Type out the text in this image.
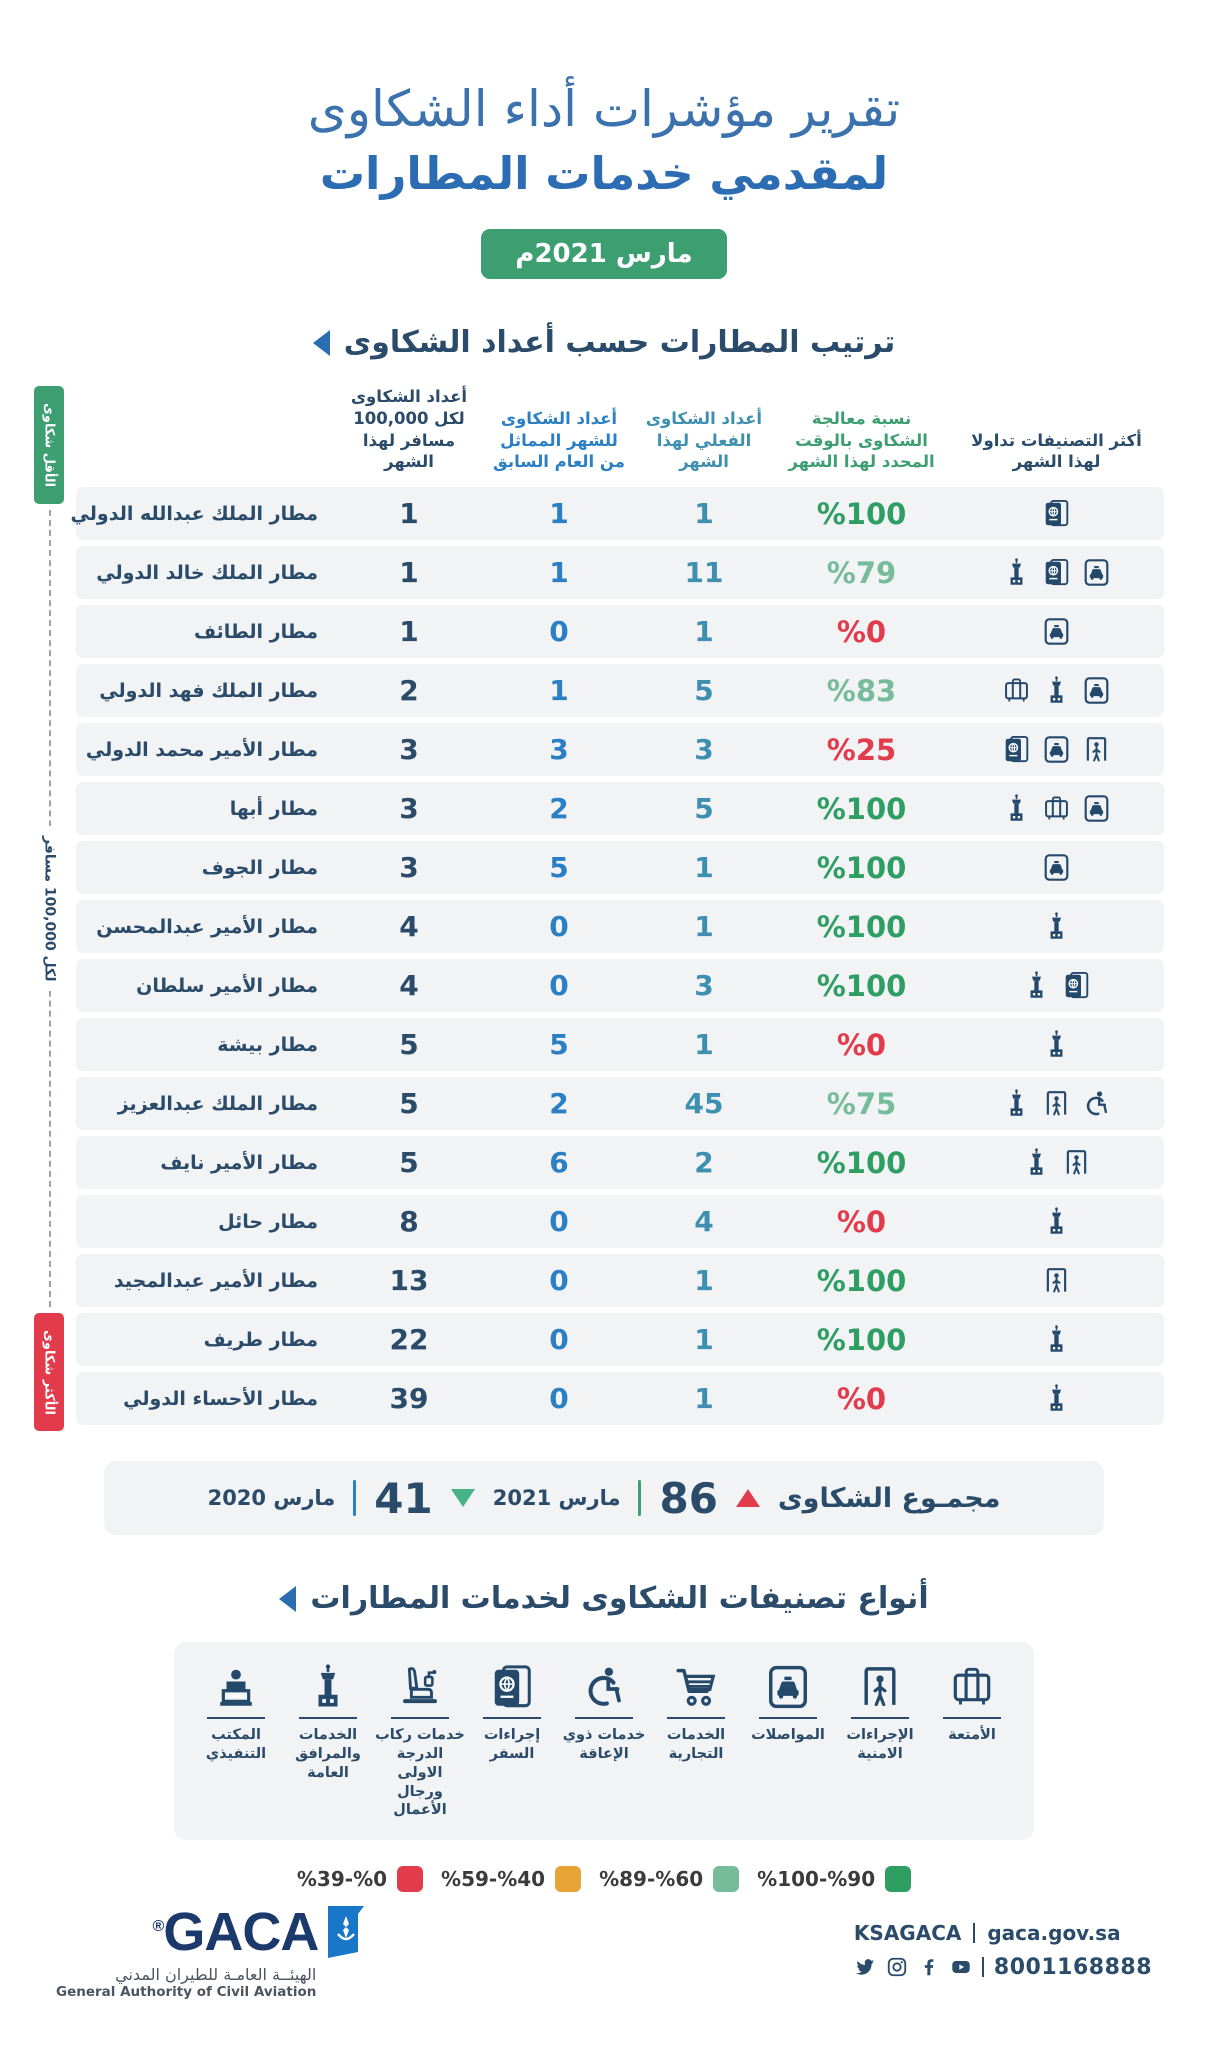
تقرير مؤشرات أداء الشكاوى
لمقدمي خدمات المطارات
مارس 2021م
ترتيب المطارات حسب أعداد الشكاوى
أعداد الشكاوى لكل 100,000 مسافر لهذا الشهر
أعداد الشكاوى للشهر المماثل من العام السابق
أعداد الشكاوى الفعلي لهذا الشهر
نسبة معالجة الشكاوى بالوقت المحدد لهذا الشهر
أكثر التصنيفات تداولا لهذا الشهر
مطار الملك عبدالله الدولي	1	1	1	%100
مطار الملك خالد الدولي	1	1	11	%79
مطار الطائف	1	0	1	%0
مطار الملك فهد الدولي	2	1	5	%83
مطار الأمير محمد الدولي	3	3	3	%25
مطار أبها	3	2	5	%100
مطار الجوف	3	5	1	%100
مطار الأمير عبدالمحسن	4	0	1	%100
مطار الأمير سلطان	4	0	3	%100
مطار بيشة	5	5	1	%0
مطار الملك عبدالعزيز	5	2	45	%75
مطار الأمير نايف	5	6	2	%100
مطار حائل	8	0	4	%0
مطار الأمير عبدالمجيد	13	0	1	%100
مطار طريف	22	0	1	%100
مطار الأحساء الدولي	39	0	1	%0
الأقل شكاوى
لكل 100,000 مسافر
الأكثر شكاوى
مجمـوع الشكاوى
86
مارس 2021
41
مارس 2020
أنواع تصنيفات الشكاوى لخدمات المطارات
المكتب التنفيذي
الخدمات والمرافق العامة
خدمات ركاب الدرجة الاولى ورجال الأعمال
إجراءات السفر
خدمات ذوي الإعاقة
الخدمات التجارية
المواصلات	الإجراءات الامنية
الأمتعة
%0-%39	%40-%59	%60-%89	%90-%100
GACA®
الهيئــة العامـة للطيران المدني
General Authority of Civil Aviation
KSAGACA gaca.gov.sa
8001168888
